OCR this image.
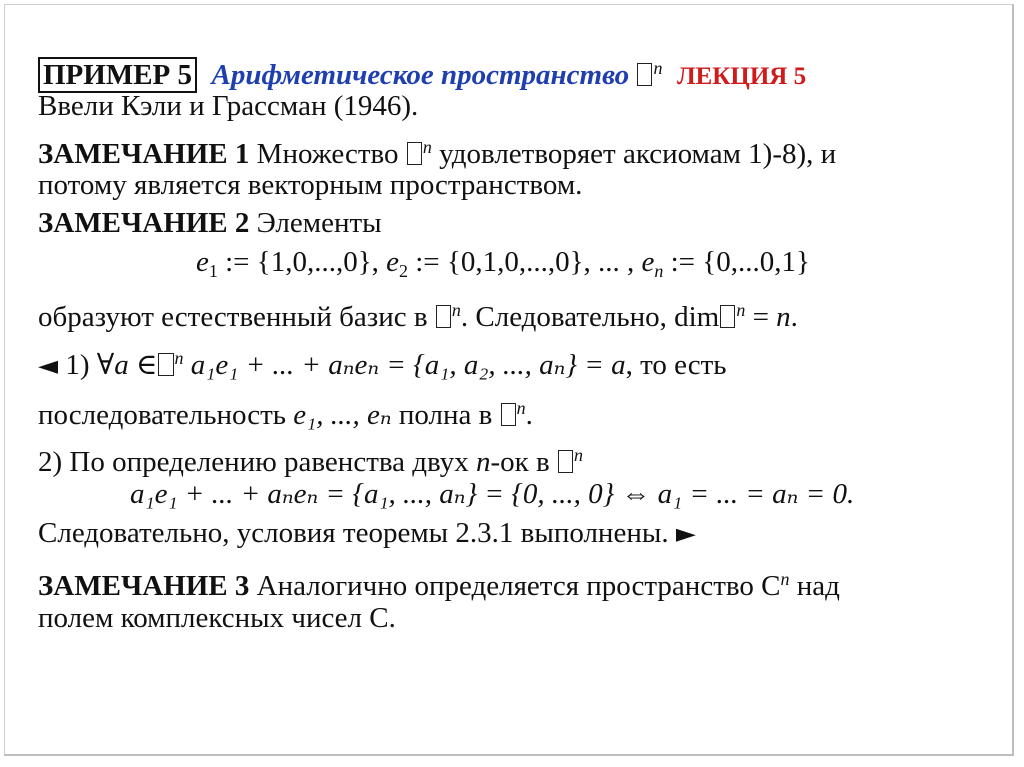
ПРИМЕР 5 Арифметическое пространство $^n$ ЛЕКЦИЯ 5
Ввели Кэли и Грассман (1946).
ЗАМЕЧАНИЕ 1 Множество $^n$ удовлетворяет аксиомам 1)-8), и
потому является векторным пространством.
ЗАМЕЧАНИЕ 2 Элементы
$e_1$ := {1,0,...,0}, $e_2$ := {0,1,0,...,0}, ... , $e_n$ := {0,...0,1}
образуют естественный базис в $^n$. Следовательно, dim $^n$ = n.
◄ 1) ∀a ∈ $^n$ a₁e₁ + ... + aₙeₙ = {a₁, a₂, ..., aₙ} = a, то есть
последовательность e₁, ..., eₙ полна в $^n$.
2) По определению равенства двух n-ок в $^n$
a₁e₁ + ... + aₙeₙ = {a₁, ..., aₙ} = {0, ..., 0} ⇔ a₁ = ... = aₙ = 0.
Следовательно, условия теоремы 2.3.1 выполнены. ►
ЗАМЕЧАНИЕ 3 Аналогично определяется пространство $C^n$ над
полем комплексных чисел C.
